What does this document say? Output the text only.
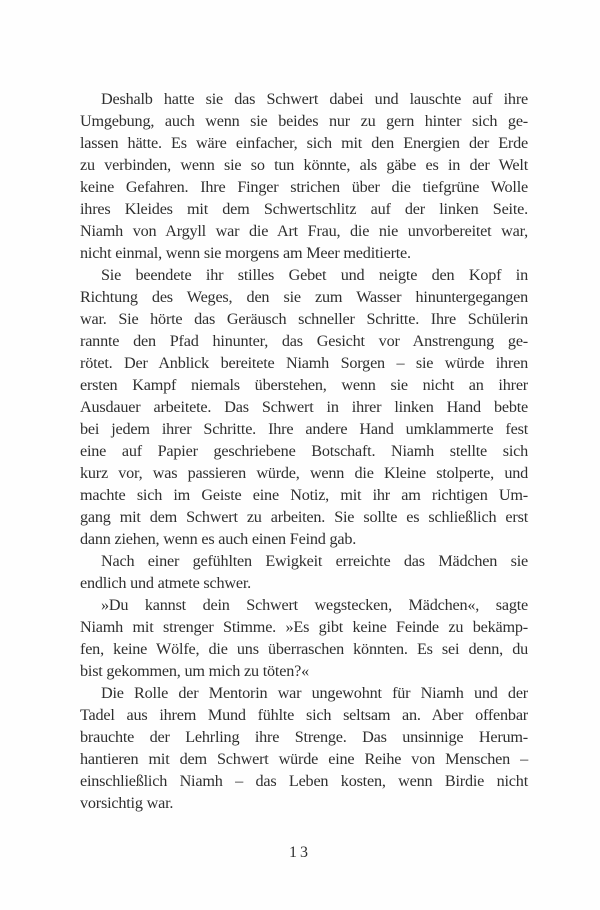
Deshalb hatte sie das Schwert dabei und lauschte auf ihre
Umgebung, auch wenn sie beides nur zu gern hinter sich ge-
lassen hätte. Es wäre einfacher, sich mit den Energien der Erde
zu verbinden, wenn sie so tun könnte, als gäbe es in der Welt
keine Gefahren. Ihre Finger strichen über die tiefgrüne Wolle
ihres Kleides mit dem Schwertschlitz auf der linken Seite.
Niamh von Argyll war die Art Frau, die nie unvorbereitet war,
nicht einmal, wenn sie morgens am Meer meditierte.
Sie beendete ihr stilles Gebet und neigte den Kopf in
Richtung des Weges, den sie zum Wasser hinuntergegangen
war. Sie hörte das Geräusch schneller Schritte. Ihre Schülerin
rannte den Pfad hinunter, das Gesicht vor Anstrengung ge-
rötet. Der Anblick bereitete Niamh Sorgen – sie würde ihren
ersten Kampf niemals überstehen, wenn sie nicht an ihrer
Ausdauer arbeitete. Das Schwert in ihrer linken Hand bebte
bei jedem ihrer Schritte. Ihre andere Hand umklammerte fest
eine auf Papier geschriebene Botschaft. Niamh stellte sich
kurz vor, was passieren würde, wenn die Kleine stolperte, und
machte sich im Geiste eine Notiz, mit ihr am richtigen Um-
gang mit dem Schwert zu arbeiten. Sie sollte es schließlich erst
dann ziehen, wenn es auch einen Feind gab.
Nach einer gefühlten Ewigkeit erreichte das Mädchen sie
endlich und atmete schwer.
»Du kannst dein Schwert wegstecken, Mädchen«, sagte
Niamh mit strenger Stimme. »Es gibt keine Feinde zu bekämp-
fen, keine Wölfe, die uns überraschen könnten. Es sei denn, du
bist gekommen, um mich zu töten?«
Die Rolle der Mentorin war ungewohnt für Niamh und der
Tadel aus ihrem Mund fühlte sich seltsam an. Aber offenbar
brauchte der Lehrling ihre Strenge. Das unsinnige Herum-
hantieren mit dem Schwert würde eine Reihe von Menschen –
einschließlich Niamh – das Leben kosten, wenn Birdie nicht
vorsichtig war.
13
